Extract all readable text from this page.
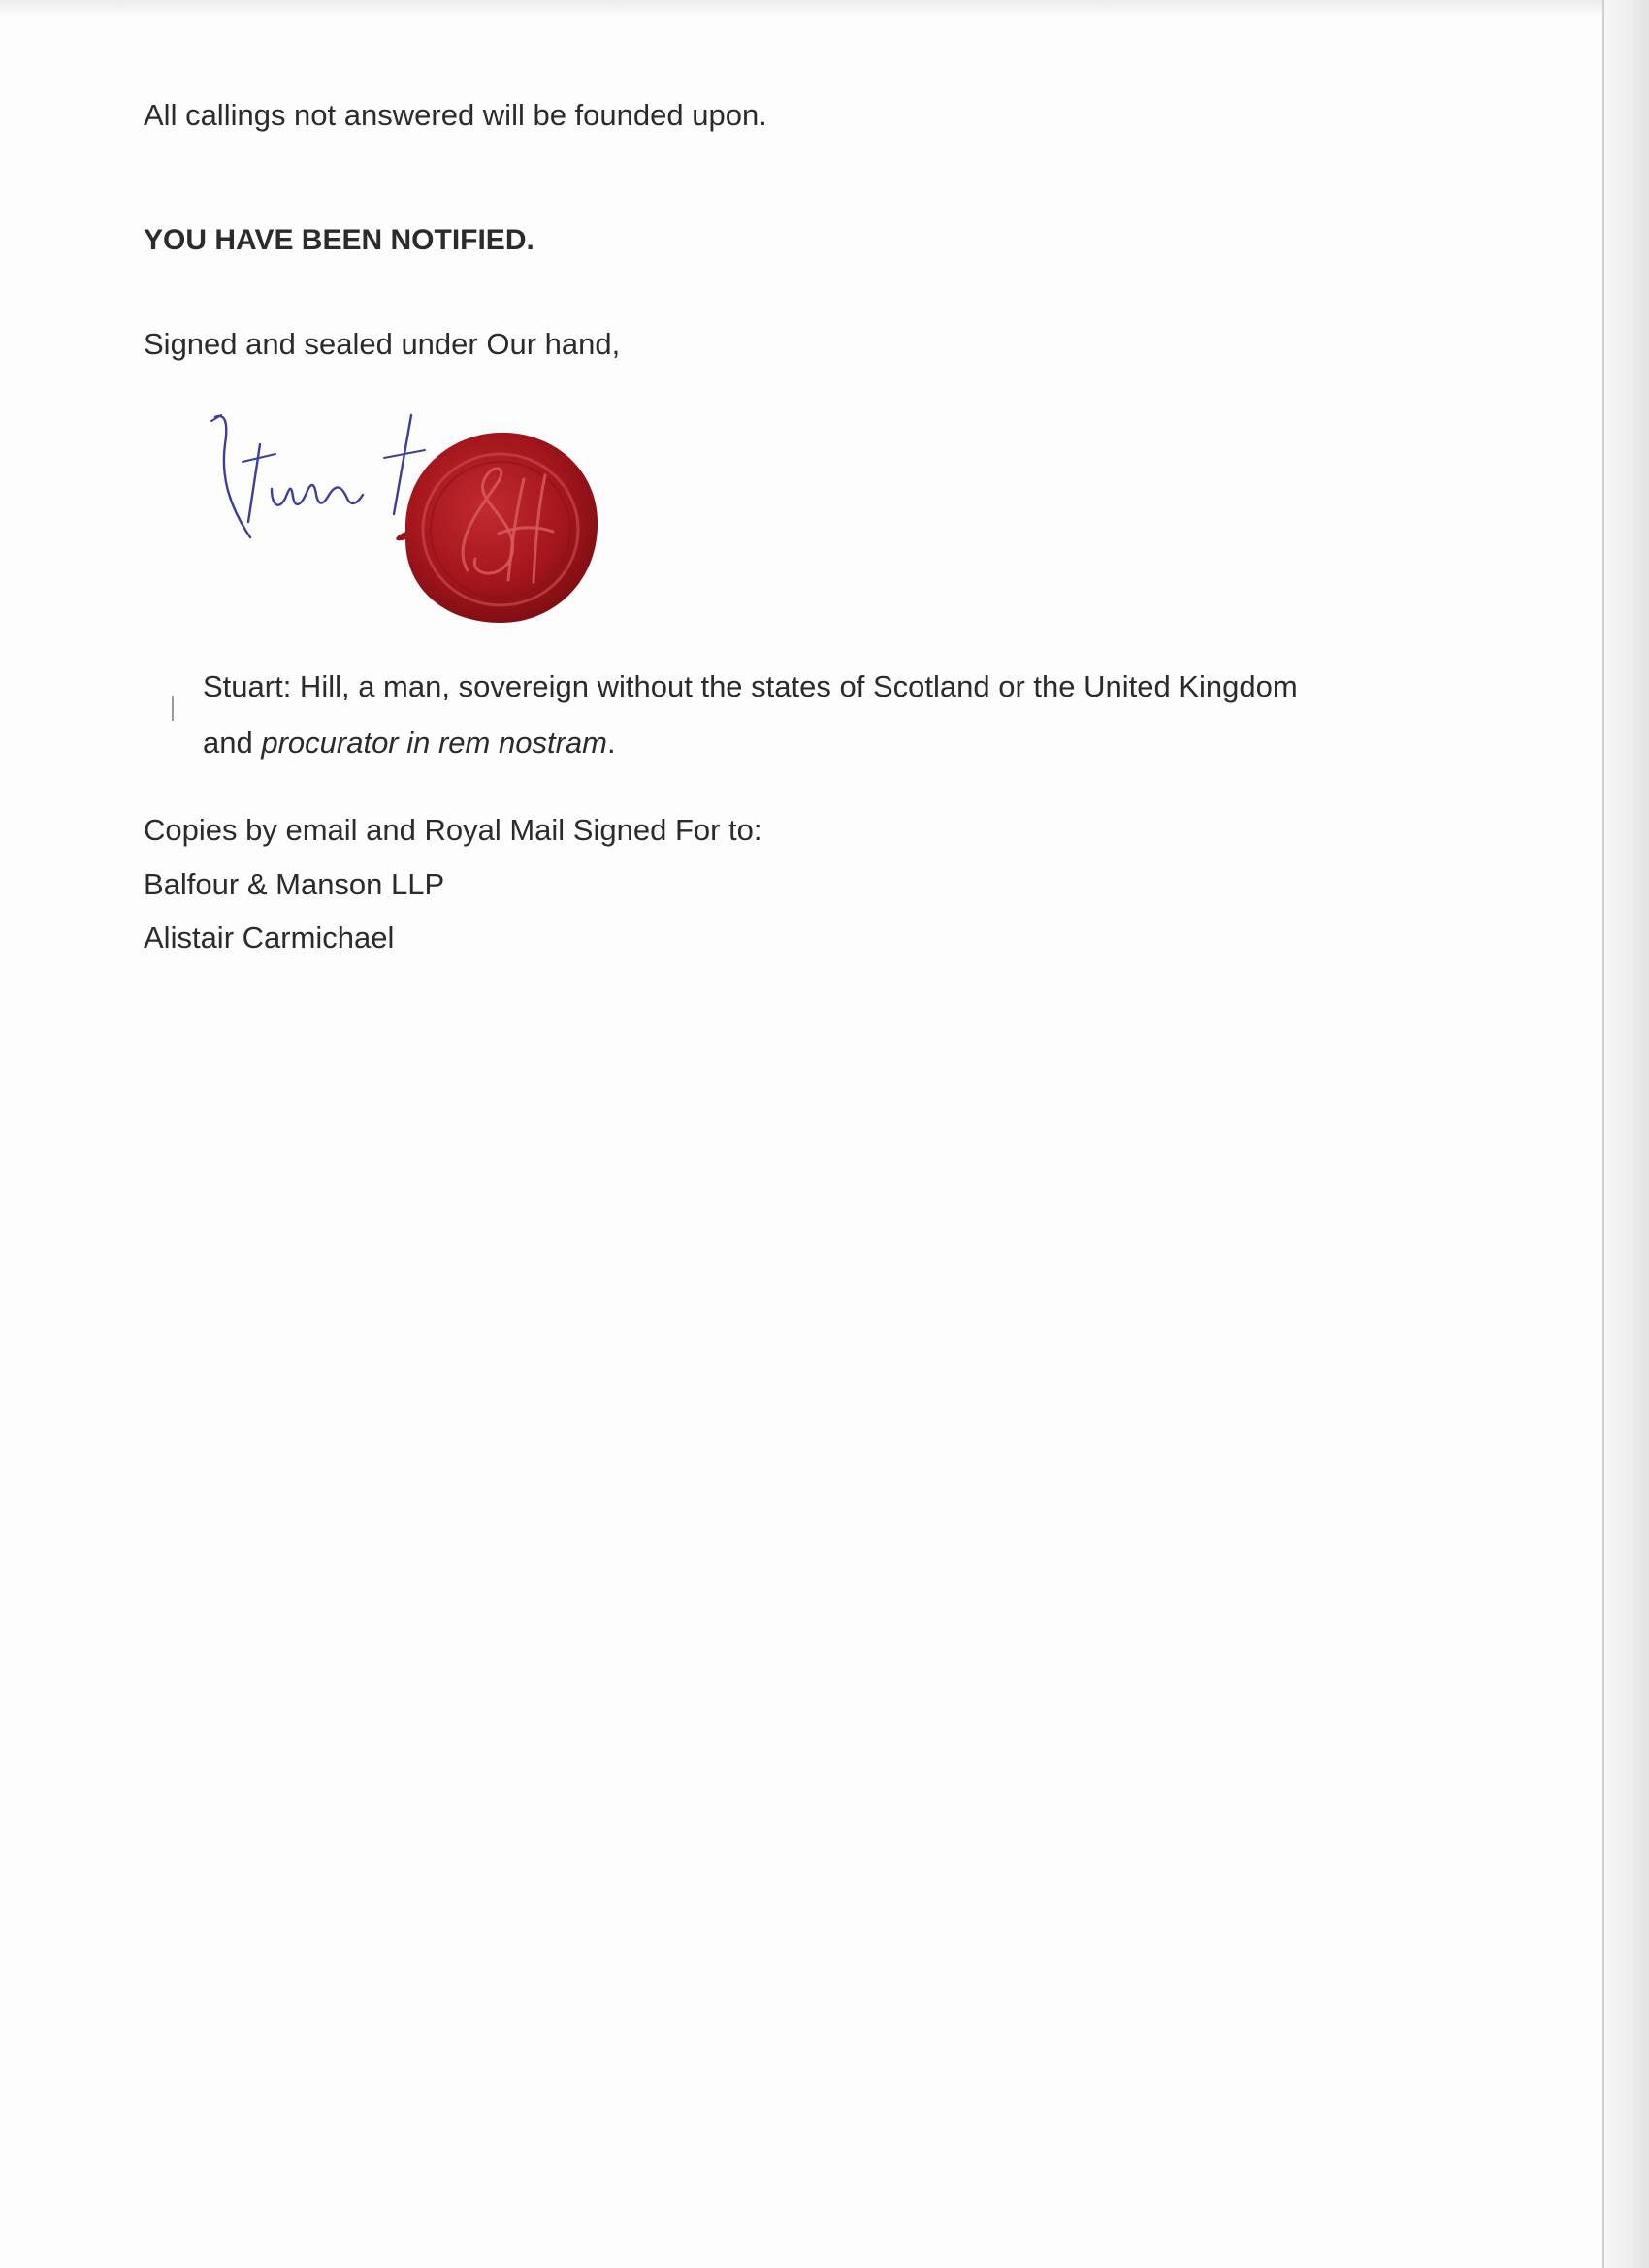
All callings not answered will be founded upon.
YOU HAVE BEEN NOTIFIED.
Signed and sealed under Our hand,
Stuart: Hill, a man, sovereign without the states of Scotland or the United Kingdom
and procurator in rem nostram.
Copies by email and Royal Mail Signed For to:
Balfour & Manson LLP
Alistair Carmichael
